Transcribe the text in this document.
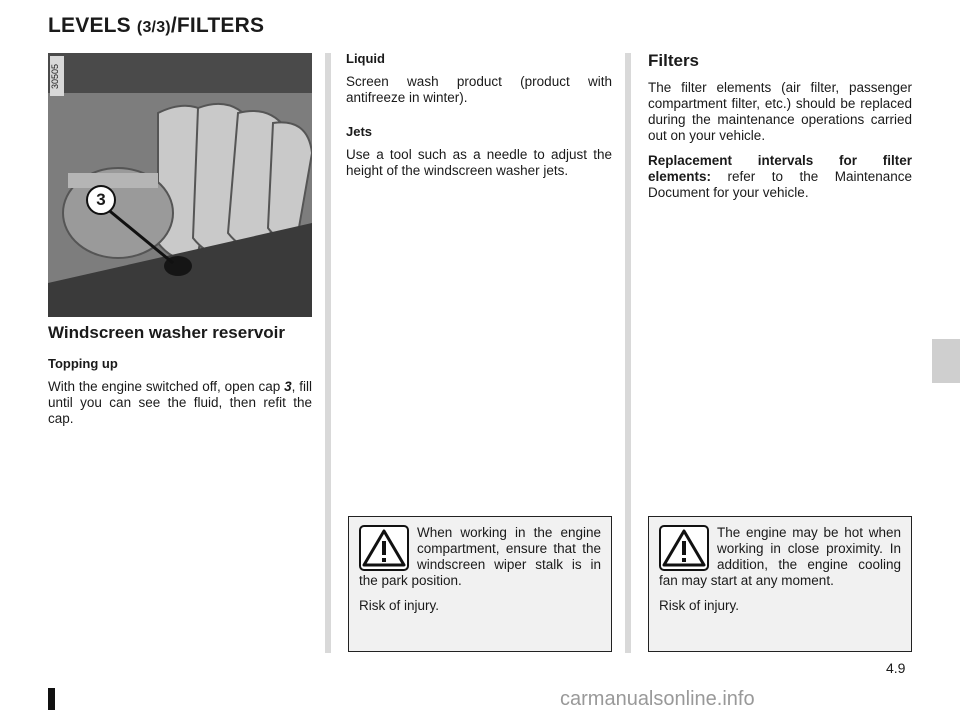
LEVELS (3/3)/FILTERS
30505
3
Windscreen washer reservoir
Topping up

With the engine switched off, open cap 3, fill until you can see the fluid, then refit the cap.

Liquid

Screen wash product (product with antifreeze in winter).

Jets

Use a tool such as a needle to adjust the height of the windscreen washer jets.

When working in the engine compartment, ensure that the windscreen wiper stalk is in the park position.

Risk of injury.

Filters

The filter elements (air filter, passenger compartment filter, etc.) should be replaced during the maintenance operations carried out on your vehicle.

Replacement intervals for filter elements: refer to the Maintenance Document for your vehicle.

The engine may be hot when working in close proximity. In addition, the engine cooling fan may start at any moment.

Risk of injury.

4.9
carmanualsonline.info
